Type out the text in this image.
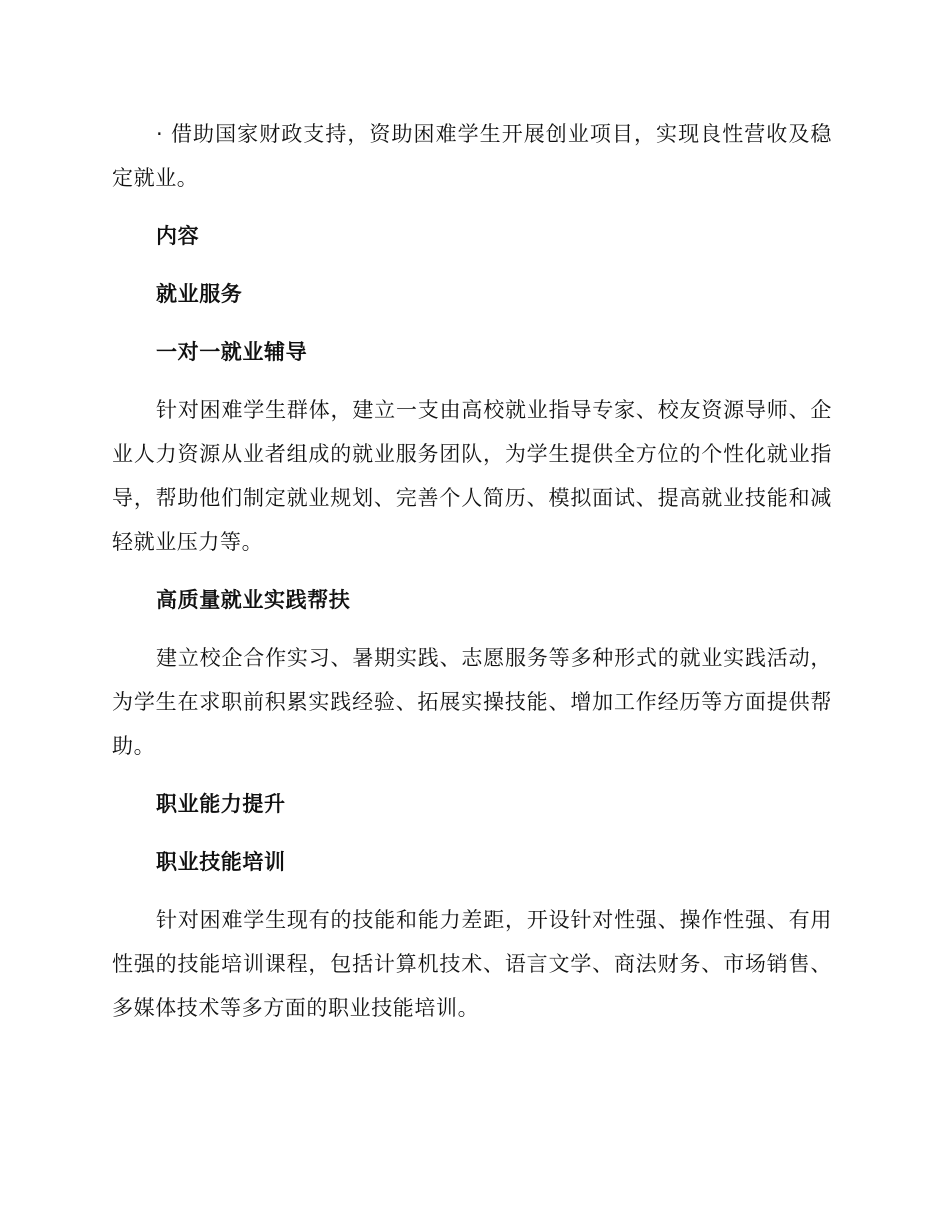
· 借助国家财政支持，资助困难学生开展创业项目，实现良性营收及稳定就业。

内容

就业服务

一对一就业辅导

针对困难学生群体，建立一支由高校就业指导专家、校友资源导师、企业人力资源从业者组成的就业服务团队，为学生提供全方位的个性化就业指导，帮助他们制定就业规划、完善个人简历、模拟面试、提高就业技能和减轻就业压力等。

高质量就业实践帮扶

建立校企合作实习、暑期实践、志愿服务等多种形式的就业实践活动，为学生在求职前积累实践经验、拓展实操技能、增加工作经历等方面提供帮助。

职业能力提升

职业技能培训

针对困难学生现有的技能和能力差距，开设针对性强、操作性强、有用性强的技能培训课程，包括计算机技术、语言文学、商法财务、市场销售、多媒体技术等多方面的职业技能培训。
